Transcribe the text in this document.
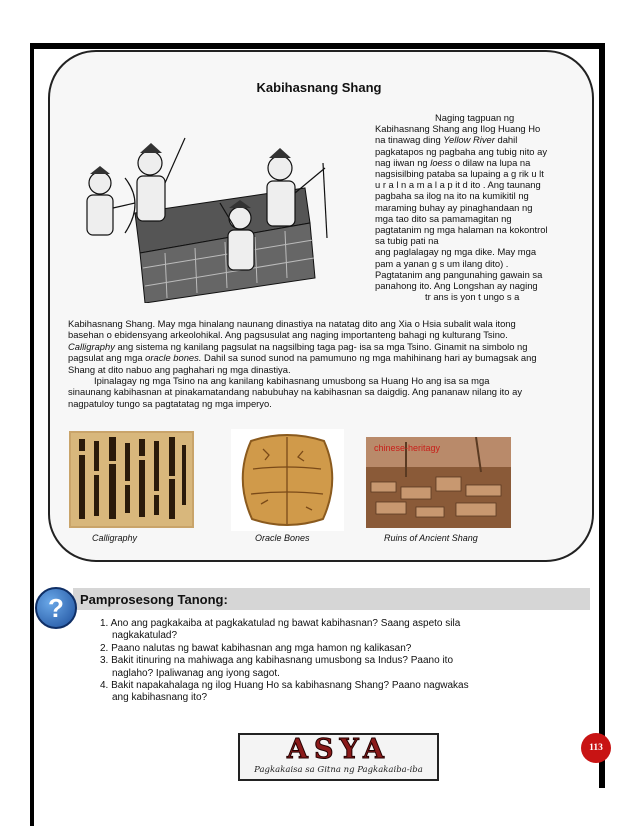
Kabihasnang Shang

Naging tagpuan ng

Kabihasnang Shang ang Ilog Huang Ho

na tinawag ding Yellow River dahil

pagkatapos ng pagbaha ang tubig nito ay

nag iiwan ng loess o dilaw na lupa na

nagsisilbing pataba sa lupaing a g rik u lt

u r a l n a m a l a p it d ito . Ang taunang

pagbaha sa ilog na ito na kumikitil ng

maraming buhay ay pinaghandaan ng

mga tao dito sa pamamagitan ng

pagtatanim ng mga halaman na kokontrol

sa tubig pati na

ang paglalagay ng mga dike. May mga

pam a yanan g s um ilang dito) .

Pagtatanim ang pangunahing gawain sa

panahong ito. Ang Longshan ay naging

tr ans is yon t ungo s a

Kabihasnang Shang. May mga hinalang naunang dinastiya na natatag dito ang Xia o Hsia subalit wala itong

basehan o ebidensyang arkeolohikal. Ang pagsusulat ang naging importanteng bahagi ng kulturang Tsino.

Calligraphy ang sistema ng kanilang pagsulat na nagsilbing taga pag- isa sa mga Tsino. Ginamit na simbolo ng

pagsulat ang mga oracle bones. Dahil sa sunod sunod na pamumuno ng mga mahihinang hari ay bumagsak ang

Shang at dito nabuo ang paghahari ng mga dinastiya.

Ipinalagay ng mga Tsino na ang kanilang kabihasnang umusbong sa Huang Ho ang isa sa mga

sinaunang kabihasnan at pinakamatandang nabubuhay na kabihasnan sa daigdig. Ang pananaw nilang ito ay

nagpatuloy tungo sa pagtatatag ng mga imperyo.

chinese-heritagy
Calligraphy	Oracle Bones	Ruins of Ancient Shang
?	Pamprosesong Tanong:
1. Ano ang pagkakaiba at pagkakatulad ng bawat kabihasnan? Saang aspeto sila
nagkakatulad?
2. Paano nalutas ng bawat kabihasnan ang mga hamon ng kalikasan?
3. Bakit itinuring na mahiwaga ang kabihasnang umusbong sa Indus? Paano ito
naglaho? Ipaliwanag ang iyong sagot.
4. Bakit napakahalaga ng ilog Huang Ho sa kabihasnang Shang? Paano nagwakas
ang kabihasnang ito?
ASYA
Pagkakaisa sa Gitna ng Pagkakaiba-iba
113
